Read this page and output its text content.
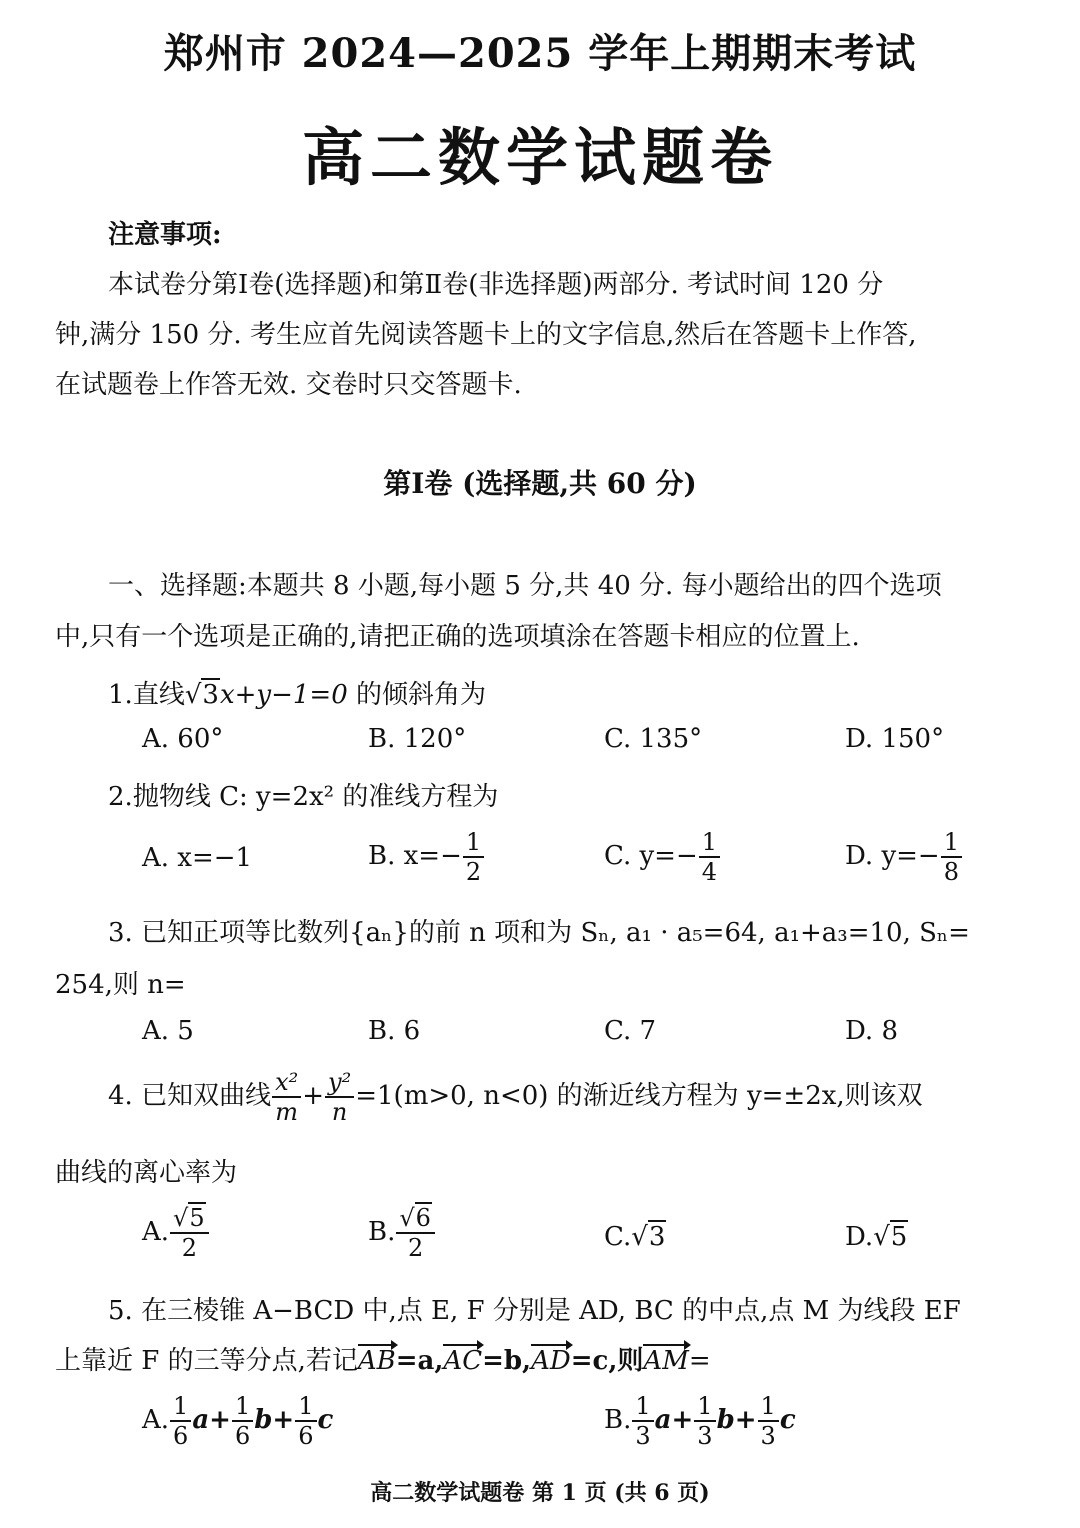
郑州市 2024—2025 学年上期期末考试
高二数学试题卷
注意事项:
本试卷分第Ⅰ卷(选择题)和第Ⅱ卷(非选择题)两部分. 考试时间 120 分
钟,满分 150 分. 考生应首先阅读答题卡上的文字信息,然后在答题卡上作答,
在试题卷上作答无效. 交卷时只交答题卡.
第Ⅰ卷 (选择题,共 60 分)
一、选择题:本题共 8 小题,每小题 5 分,共 40 分. 每小题给出的四个选项
中,只有一个选项是正确的,请把正确的选项填涂在答题卡相应的位置上.
1.直线√3x+y−1=0 的倾斜角为
A. 60°	B. 120°	C. 135°	D. 150°
2.抛物线 C: y=2x² 的准线方程为
A. x=−1	B. $x=- \frac{1}{2}$	C. $y=- \frac{1}{4}$	D. $y=- \frac{1}{8}$
3. 已知正项等比数列{aₙ}的前 n 项和为 Sₙ, a₁ · a₅=64, a₁+a₃=10, Sₙ=
254,则 n=
A. 5	B. 6	C. 7	D. 8
4. 已知双曲线 $\frac{\text{x²}}{m} + \frac{\text{y²}}{n} =1(m>0$, n<0) 的渐近线方程为 y=±2x,则该双
曲线的离心率为
A. $\frac{√5}{2}$	B. $\frac{√6}{2}$	C.√3	D.√5
5. 在三棱锥 A−BCD 中,点 E, F 分别是 AD, BC 的中点,点 M 为线段 EF
上靠近 F 的三等分点,若记AB=a,AC=b,AD=c,则AM=
A. $\frac{1}{6} a+ \frac{1}{6} b+ \frac{1}{6}$ c	B. $\frac{1}{3} a+ \frac{1}{3} b+ \frac{1}{3}$ c
高二数学试题卷 第 1 页 (共 6 页)
